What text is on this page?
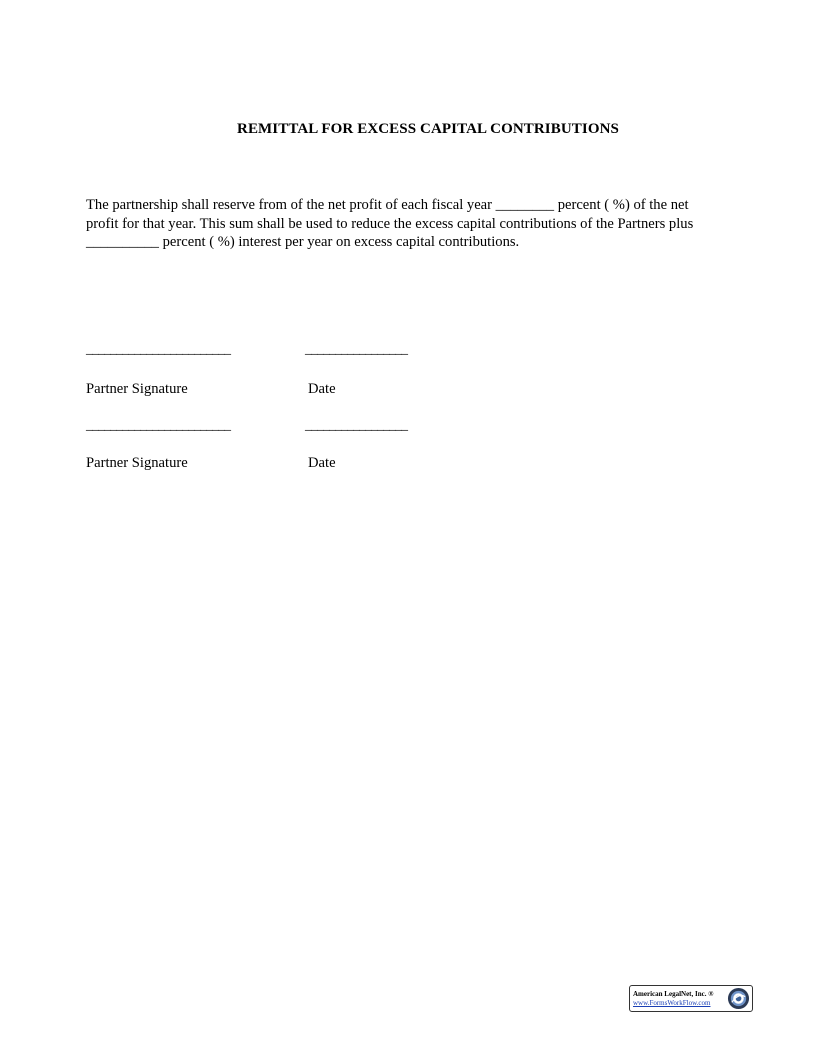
REMITTAL FOR EXCESS CAPITAL CONTRIBUTIONS
The partnership shall reserve from of the net profit of each fiscal year ________ percent ( %) of the net
profit for that year. This sum shall be used to reduce the excess capital contributions of the Partners plus
__________ percent ( %) interest per year on excess capital contributions.
________________________	_________________
Partner Signature	Date
________________________	_________________
Partner Signature	Date
American LegalNet, Inc. ®
www.FormsWorkFlow.com
